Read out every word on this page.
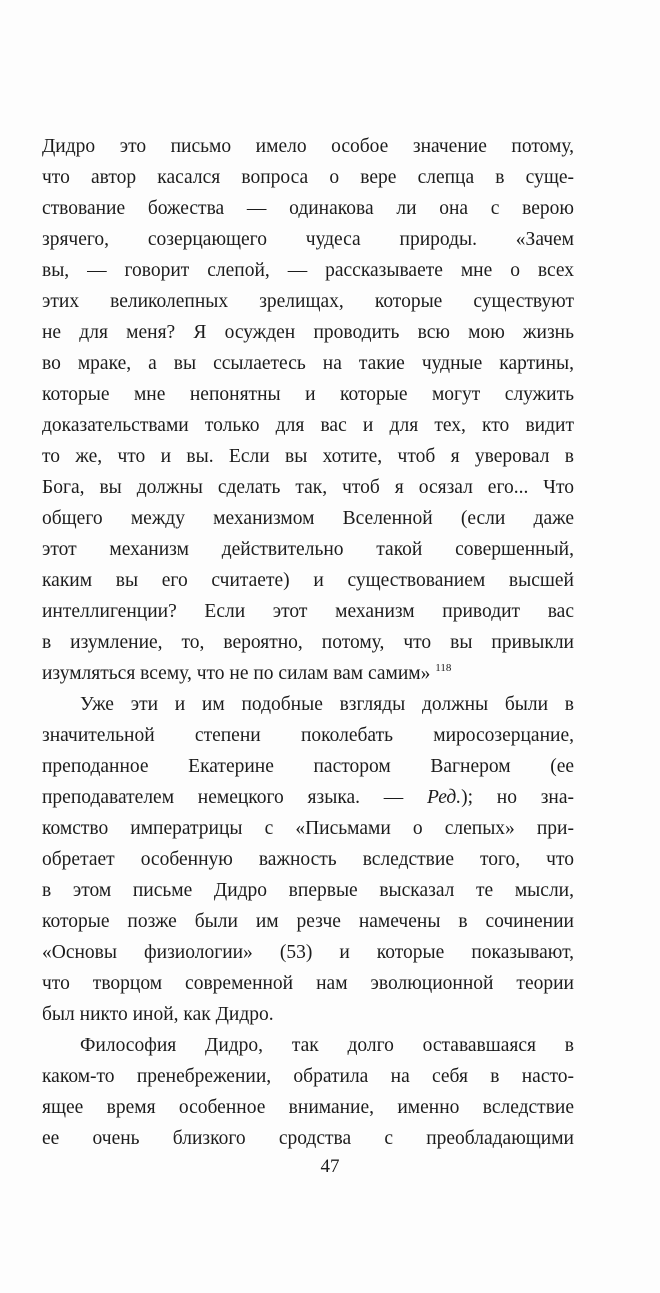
Дидро это письмо имело особое значение потому,
что автор касался вопроса о вере слепца в суще-
ствование божества — одинакова ли она с верою
зрячего, созерцающего чудеса природы. «Зачем
вы, — говорит слепой, — рассказываете мне о всех
этих великолепных зрелищах, которые существуют
не для меня? Я осужден проводить всю мою жизнь
во мраке, а вы ссылаетесь на такие чудные картины,
которые мне непонятны и которые могут служить
доказательствами только для вас и для тех, кто видит
то же, что и вы. Если вы хотите, чтоб я уверовал в
Бога, вы должны сделать так, чтоб я осязал его... Что
общего между механизмом Вселенной (если даже
этот механизм действительно такой совершенный,
каким вы его считаете) и существованием высшей
интеллигенции? Если этот механизм приводит вас
в изумление, то, вероятно, потому, что вы привыкли
изумляться всему, что не по силам вам самим» $^{118}$
Уже эти и им подобные взгляды должны были в
значительной степени поколебать миросозерцание,
преподанное Екатерине пастором Вагнером (ее
преподавателем немецкого языка. — Ред.); но зна-
комство императрицы с «Письмами о слепых» при-
обретает особенную важность вследствие того, что
в этом письме Дидро впервые высказал те мысли,
которые позже были им резче намечены в сочинении
«Основы физиологии» (53) и которые показывают,
что творцом современной нам эволюционной теории
был никто иной, как Дидро.
Философия Дидро, так долго остававшаяся в
каком-то пренебрежении, обратила на себя в насто-
ящее время особенное внимание, именно вследствие
ее очень близкого сродства с преобладающими
47
